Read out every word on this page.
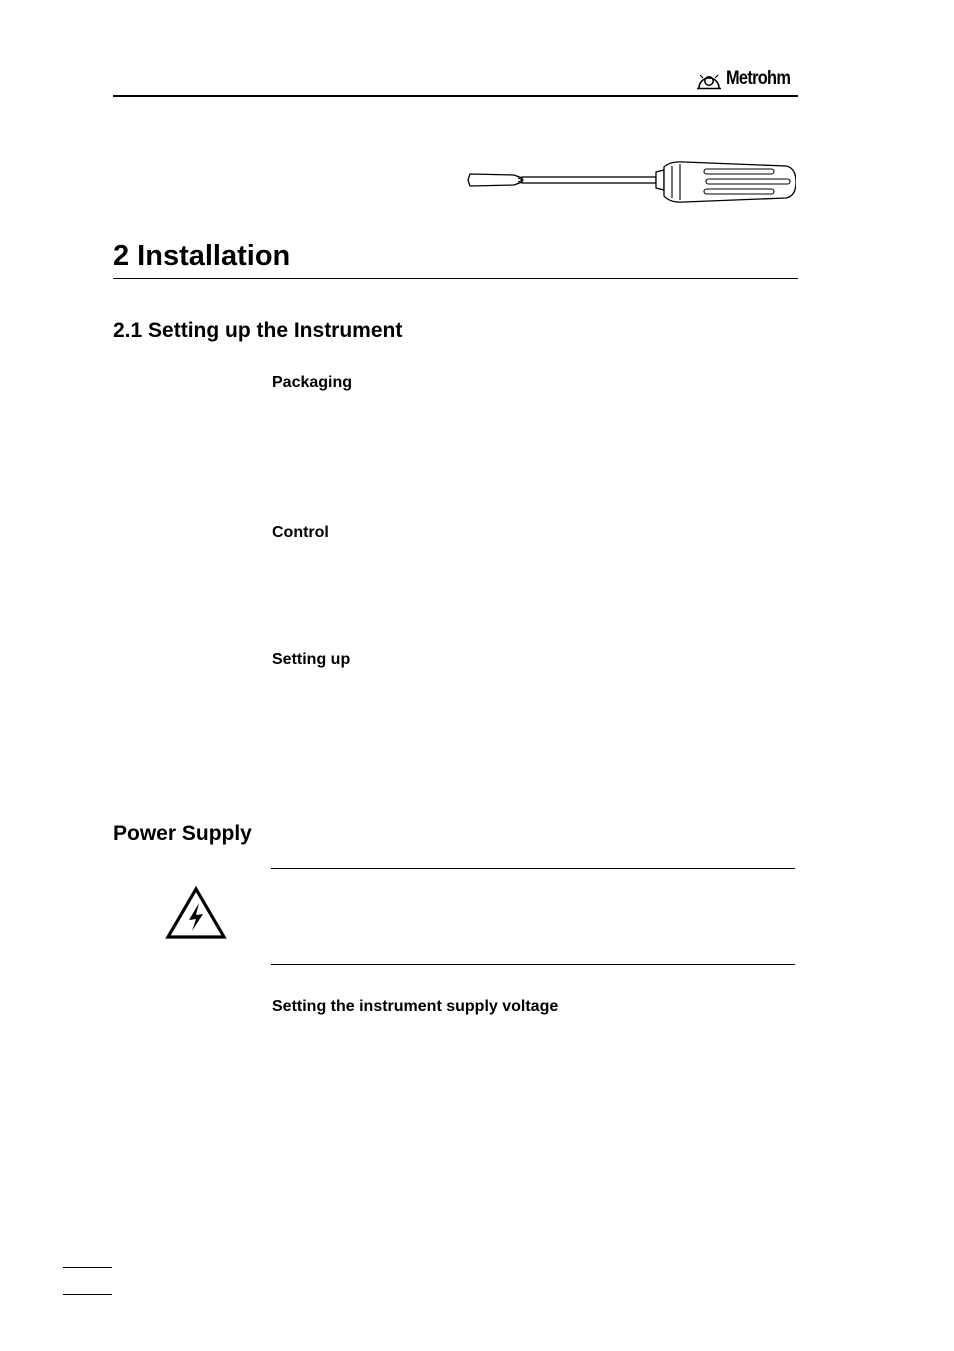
Metrohm
2 Installation
2.1 Setting up the Instrument
Packaging
Control
Setting up
Power Supply
Setting the instrument supply voltage
